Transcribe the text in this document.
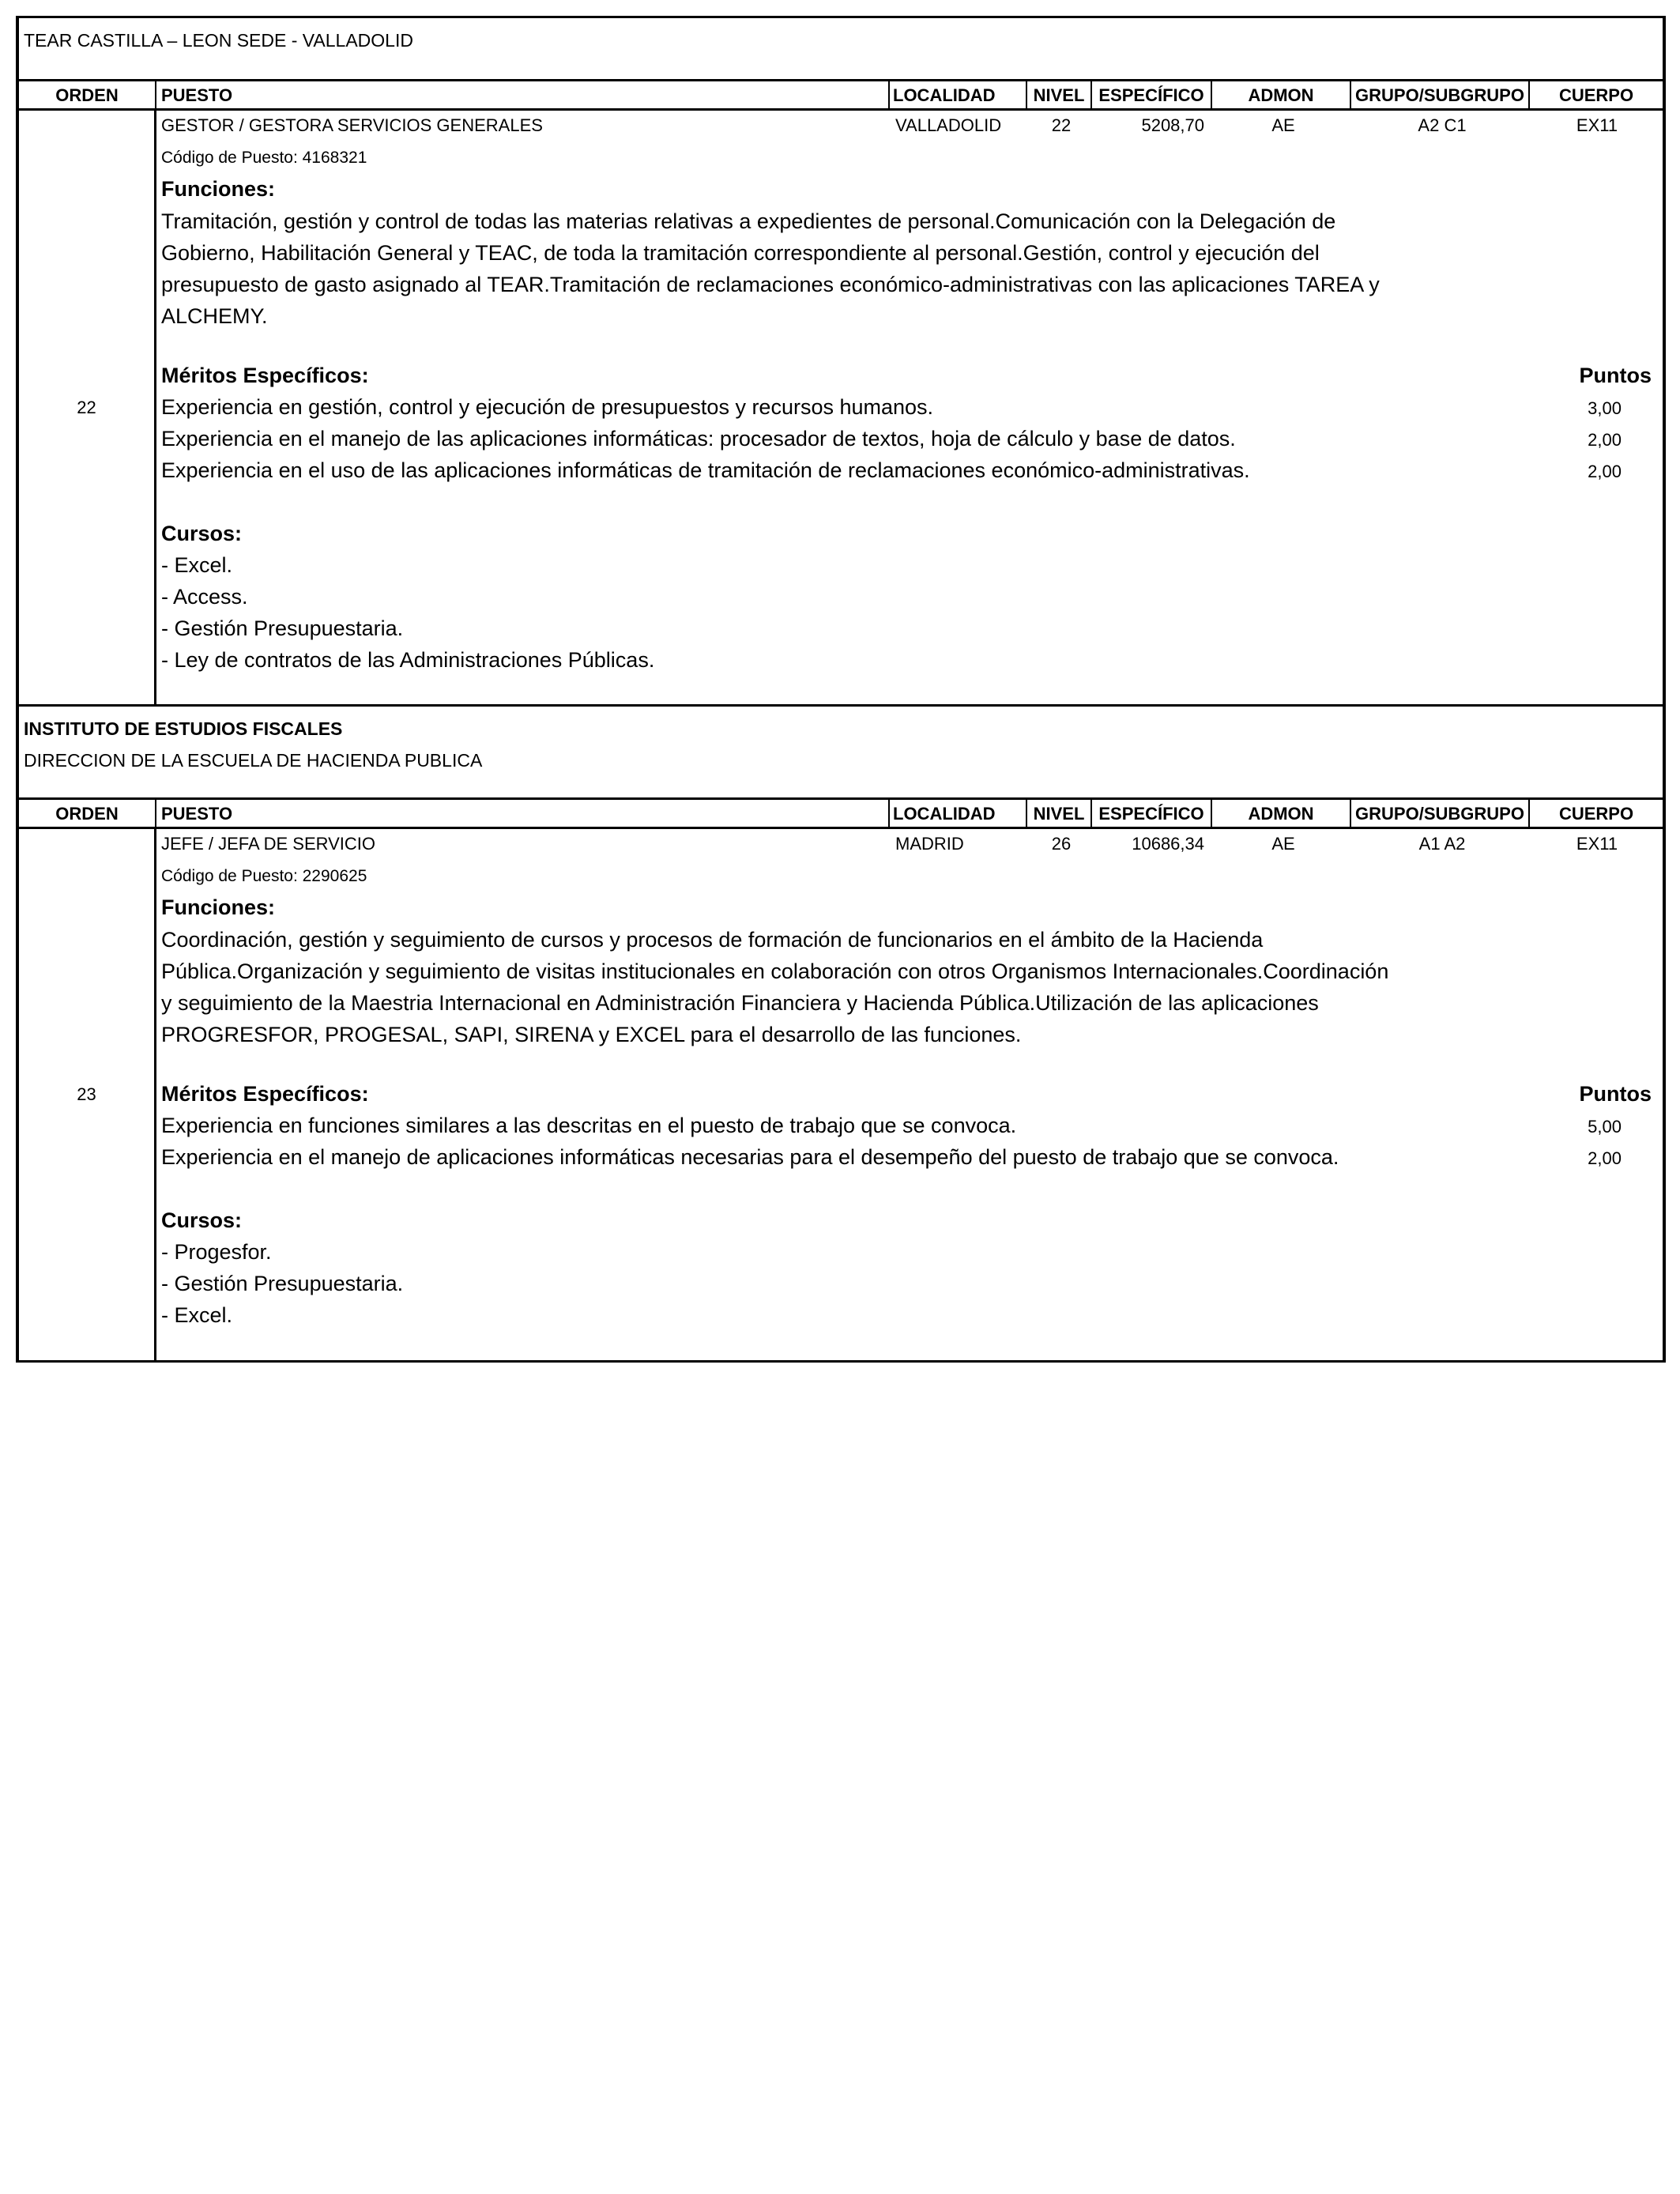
TEAR CASTILLA – LEON SEDE - VALLADOLID
ORDEN	PUESTO	LOCALIDAD	NIVEL ESPECÍFICO	ADMON	GRUPO/SUBGRUPO	CUERPO
22
GESTOR / GESTORA SERVICIOS GENERALES	VALLADOLID	22	5208,70	AE	A2 C1	EX11
Código de Puesto: 4168321
Funciones:
Tramitación, gestión y control de todas las materias relativas a expedientes de personal.Comunicación con la Delegación de
Gobierno, Habilitación General y TEAC, de toda la tramitación correspondiente al personal.Gestión, control y ejecución del
presupuesto de gasto asignado al TEAR.Tramitación de reclamaciones económico-administrativas con las aplicaciones TAREA y
ALCHEMY.
Méritos Específicos:	Puntos
Experiencia en gestión, control y ejecución de presupuestos y recursos humanos.	3,00
Experiencia en el manejo de las aplicaciones informáticas: procesador de textos, hoja de cálculo y base de datos.	2,00
Experiencia en el uso de las aplicaciones informáticas de tramitación de reclamaciones económico-administrativas.	2,00
Cursos:
- Excel.
- Access.
- Gestión Presupuestaria.
- Ley de contratos de las Administraciones Públicas.
INSTITUTO DE ESTUDIOS FISCALES
DIRECCION DE LA ESCUELA DE HACIENDA PUBLICA
ORDEN	PUESTO	LOCALIDAD	NIVEL ESPECÍFICO	ADMON	GRUPO/SUBGRUPO	CUERPO
23
JEFE / JEFA DE SERVICIO	MADRID	26	10686,34	AE	A1 A2	EX11
Código de Puesto: 2290625
Funciones:
Coordinación, gestión y seguimiento de cursos y procesos de formación de funcionarios en el ámbito de la Hacienda
Pública.Organización y seguimiento de visitas institucionales en colaboración con otros Organismos Internacionales.Coordinación
y seguimiento de la Maestria Internacional en Administración Financiera y Hacienda Pública.Utilización de las aplicaciones
PROGRESFOR, PROGESAL, SAPI, SIRENA y EXCEL para el desarrollo de las funciones.
Méritos Específicos:	Puntos
Experiencia en funciones similares a las descritas en el puesto de trabajo que se convoca.	5,00
Experiencia en el manejo de aplicaciones informáticas necesarias para el desempeño del puesto de trabajo que se convoca.	2,00
Cursos:
- Progesfor.
- Gestión Presupuestaria.
- Excel.
